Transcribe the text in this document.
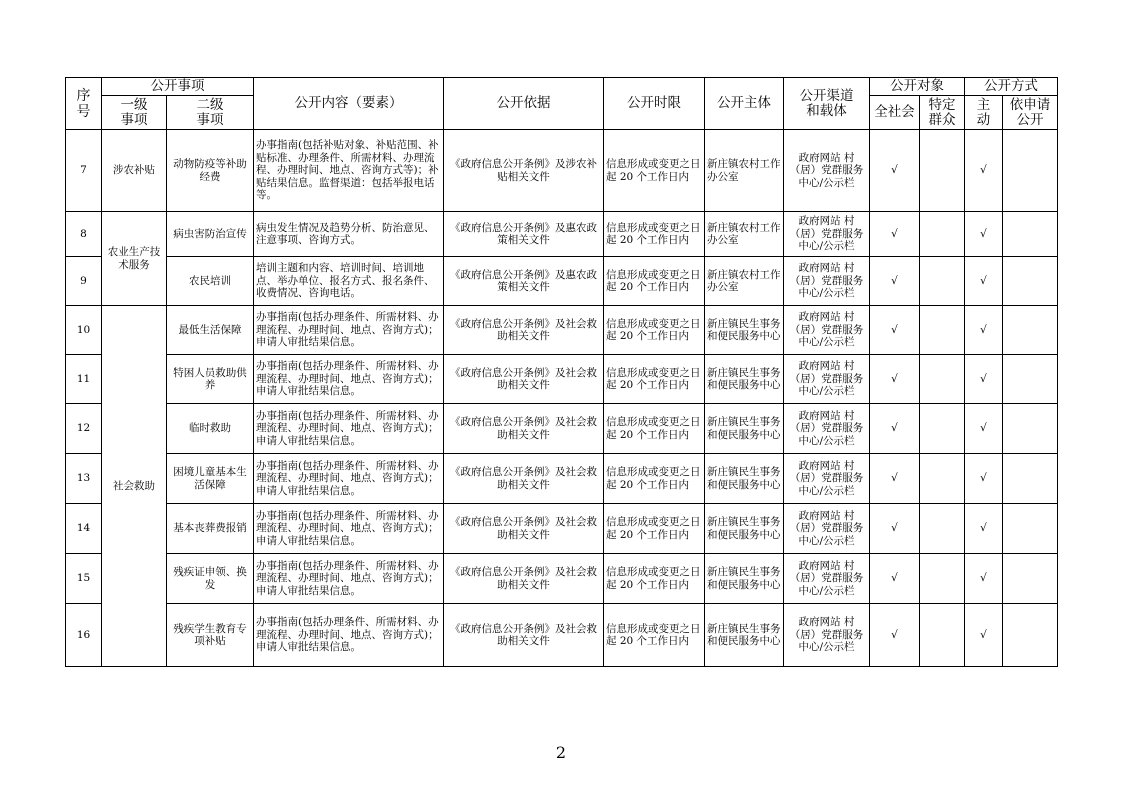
序号	公开事项		公开内容（要素）	公开依据	公开时限	公开主体	公开渠道和载体	公开对象		公开方式	
	一级事项	二级事项						全社会	特定群众	主动	依申请公开
7	涉农补贴	动物防疫等补助经费	办事指南(包括补贴对象、补贴范围、补贴标准、办理条件、所需材料、办理流程、办理时间、地点、咨询方式等)；补贴结果信息。监督渠道：包括举报电话等。	《政府信息公开条例》及涉农补贴相关文件	信息形成或变更之日起 20 个工作日内	新庄镇农村工作办公室	政府网站 村（居）党群服务中心/公示栏	√		√	
8	农业生产技术服务	病虫害防治宣传	病虫发生情况及趋势分析、防治意见、注意事项、咨询方式。	《政府信息公开条例》及惠农政策相关文件	信息形成或变更之日起 20 个工作日内	新庄镇农村工作办公室	政府网站 村（居）党群服务中心/公示栏	√		√	
9		农民培训	培训主题和内容、培训时间、培训地点、举办单位、报名方式、报名条件、收费情况、咨询电话。	《政府信息公开条例》及惠农政策相关文件	信息形成或变更之日起 20 个工作日内	新庄镇农村工作办公室	政府网站 村（居）党群服务中心/公示栏	√		√	
10	社会救助	最低生活保障	办事指南(包括办理条件、所需材料、办理流程、办理时间、地点、咨询方式)；申请人审批结果信息。	《政府信息公开条例》及社会救助相关文件	信息形成或变更之日起 20 个工作日内	新庄镇民生事务和便民服务中心	政府网站 村（居）党群服务中心/公示栏	√		√	
11		特困人员救助供养	办事指南(包括办理条件、所需材料、办理流程、办理时间、地点、咨询方式)；申请人审批结果信息。	《政府信息公开条例》及社会救助相关文件	信息形成或变更之日起 20 个工作日内	新庄镇民生事务和便民服务中心	政府网站 村（居）党群服务中心/公示栏	√		√	
12		临时救助	办事指南(包括办理条件、所需材料、办理流程、办理时间、地点、咨询方式)；申请人审批结果信息。	《政府信息公开条例》及社会救助相关文件	信息形成或变更之日起 20 个工作日内	新庄镇民生事务和便民服务中心	政府网站 村（居）党群服务中心/公示栏	√		√	
13		困境儿童基本生活保障	办事指南(包括办理条件、所需材料、办理流程、办理时间、地点、咨询方式)；申请人审批结果信息。	《政府信息公开条例》及社会救助相关文件	信息形成或变更之日起 20 个工作日内	新庄镇民生事务和便民服务中心	政府网站 村（居）党群服务中心/公示栏	√		√	
14		基本丧葬费报销	办事指南(包括办理条件、所需材料、办理流程、办理时间、地点、咨询方式)；申请人审批结果信息。	《政府信息公开条例》及社会救助相关文件	信息形成或变更之日起 20 个工作日内	新庄镇民生事务和便民服务中心	政府网站 村（居）党群服务中心/公示栏	√		√	
15		残疾证申领、换发	办事指南(包括办理条件、所需材料、办理流程、办理时间、地点、咨询方式)；申请人审批结果信息。	《政府信息公开条例》及社会救助相关文件	信息形成或变更之日起 20 个工作日内	新庄镇民生事务和便民服务中心	政府网站 村（居）党群服务中心/公示栏	√		√	
16		残疾学生教育专项补贴	办事指南(包括办理条件、所需材料、办理流程、办理时间、地点、咨询方式)；申请人审批结果信息。	《政府信息公开条例》及社会救助相关文件	信息形成或变更之日起 20 个工作日内	新庄镇民生事务和便民服务中心	政府网站 村（居）党群服务中心/公示栏	√		√	
2
